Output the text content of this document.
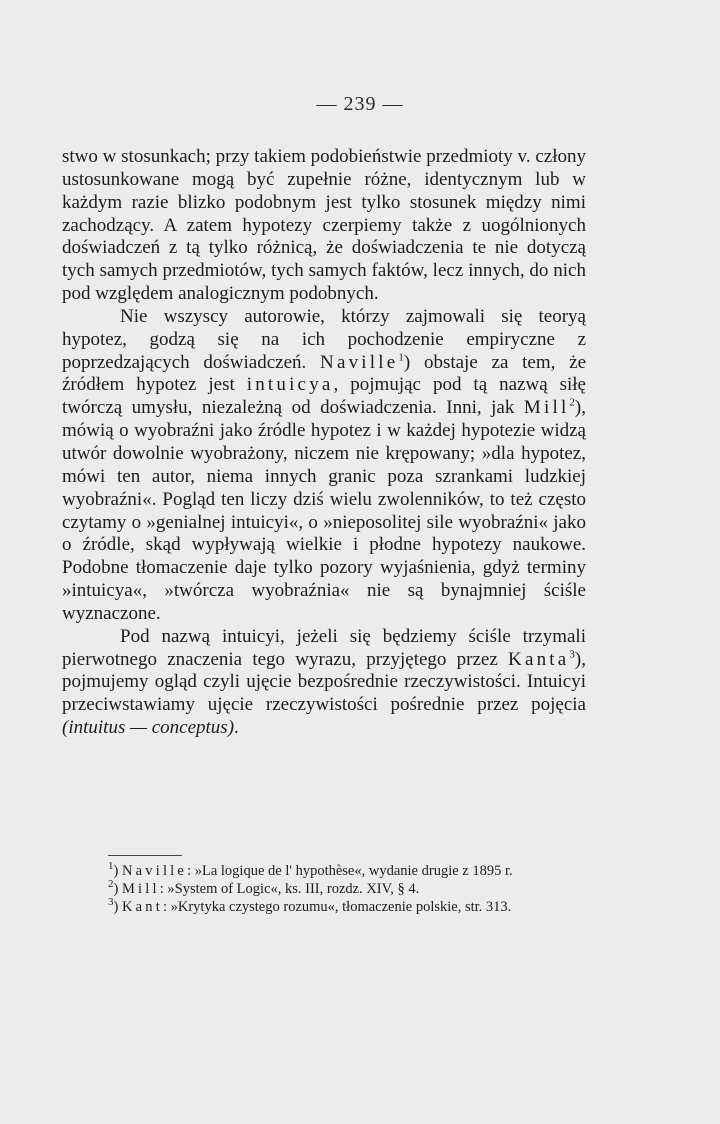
— 239 —

stwo w stosunkach; przy takiem podobieństwie przedmioty v. człony ustosunkowane mogą być zupełnie różne, identycznym lub w każdym razie blizko podobnym jest tylko stosunek między nimi zachodzący. A zatem hypotezy czerpiemy także z uogólnionych doświadczeń z tą tylko różnicą, że doświadczenia te nie dotyczą tych samych przedmiotów, tych samych faktów, lecz innych, do nich pod względem analogicznym podobnych.

Nie wszyscy autorowie, którzy zajmowali się teoryą hypotez, godzą się na ich pochodzenie empiryczne z poprzedzających doświadczeń. Naville$^1$) obstaje za tem, że źródłem hypotez jest intuicya, pojmując pod tą nazwą siłę twórczą umysłu, niezależną od doświadczenia. Inni, jak Mill$^2$), mówią o wyobraźni jako źródle hypotez i w każdej hypotezie widzą utwór dowolnie wyobrażony, niczem nie krępowany; »dla hypotez, mówi ten autor, niema innych granic poza szrankami ludzkiej wyobraźni«. Pogląd ten liczy dziś wielu zwolenników, to też często czytamy o »genialnej intuicyi«, o »nieposolitej sile wyobraźni« jako o źródle, skąd wypływają wielkie i płodne hypotezy naukowe. Podobne tłomaczenie daje tylko pozory wyjaśnienia, gdyż terminy »intuicya«, »twórcza wyobraźnia« nie są bynajmniej ściśle wyznaczone.

Pod nazwą intuicyi, jeżeli się będziemy ściśle trzymali pierwotnego znaczenia tego wyrazu, przyjętego przez Kanta$^3$), pojmujemy ogląd czyli ujęcie bezpośrednie rzeczywistości. Intuicyi przeciwstawiamy ujęcie rzeczywistości pośrednie przez pojęcia (intuitus — conceptus).

$^1$) Naville: »La logique de l' hypothèse«, wydanie drugie z 1895 r.

$^2$) Mill: »System of Logic«, ks. III, rozdz. XIV, § 4.

$^3$) Kant: »Krytyka czystego rozumu«, tłomaczenie polskie, str. 313.
